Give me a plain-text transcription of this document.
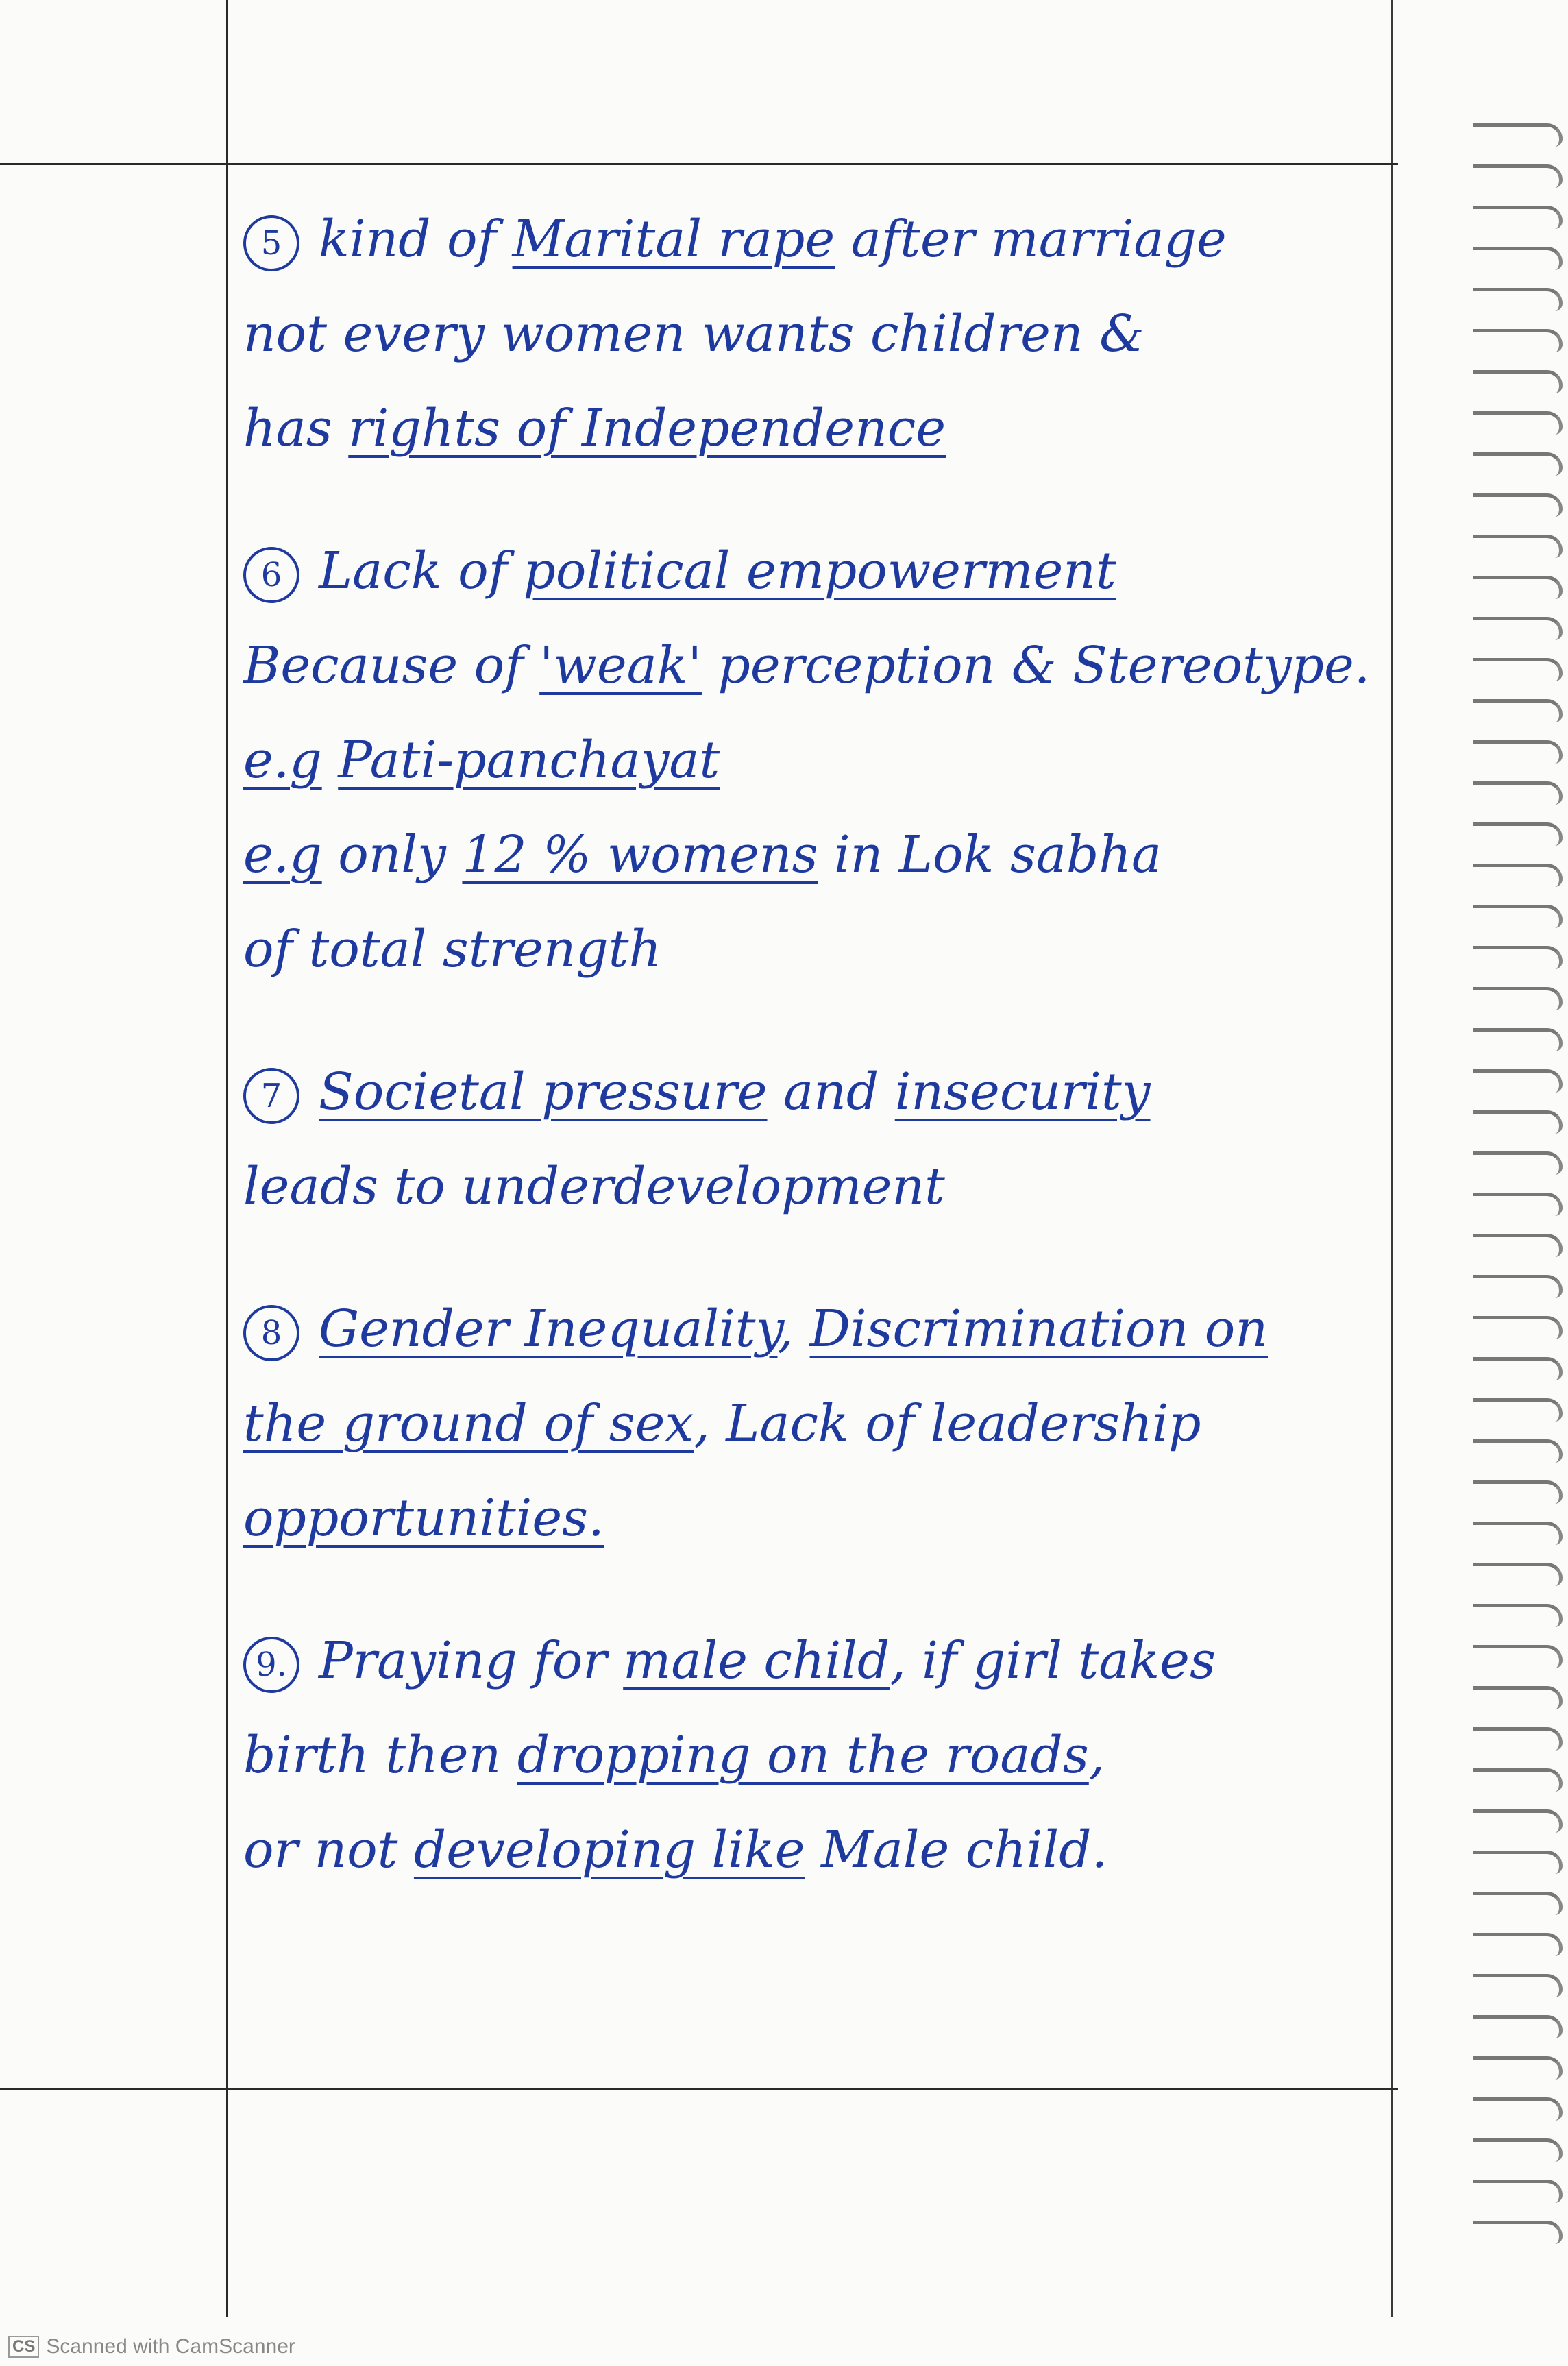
5 kind of Marital rape after marriage
not every women wants children &
has rights of Independence
6 Lack of political empowerment
Because of 'weak' perception & Stereotype.
e.g Pati-panchayat
e.g only 12 % womens in Lok sabha
of total strength
7 Societal pressure and insecurity
leads to underdevelopment
8 Gender Inequality, Discrimination on
the ground of sex, Lack of leadership
opportunities.
9. Praying for male child, if girl takes
birth then dropping on the roads,
or not developing like Male child.
CS Scanned with CamScanner
